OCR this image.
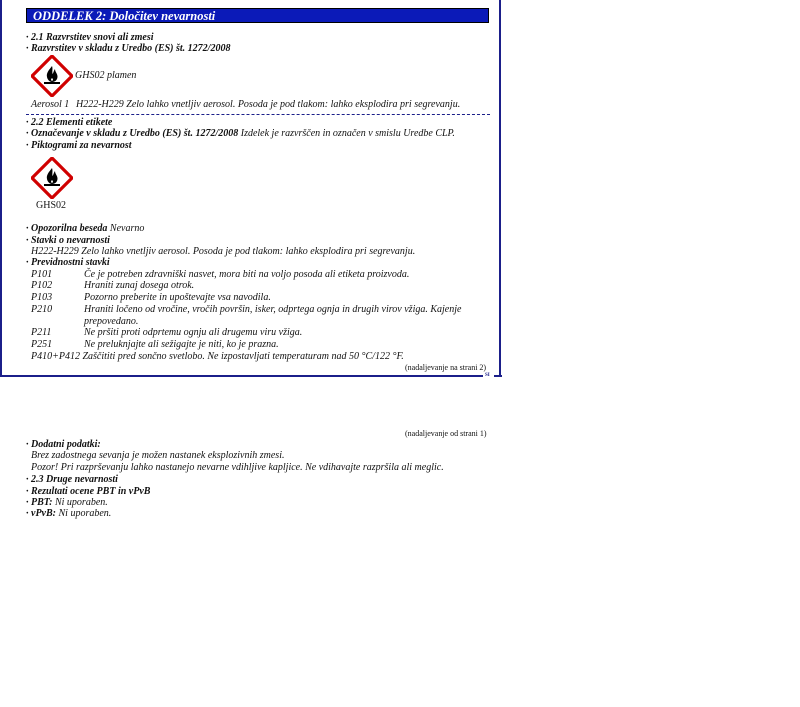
SI
ODDELEK 2: Določitev nevarnosti
· 2.1 Razvrstitev snovi ali zmesi
· Razvrstitev v skladu z Uredbo (ES) št. 1272/2008
GHS02 plamen
Aerosol 1 H222-H229 Zelo lahko vnetljiv aerosol. Posoda je pod tlakom: lahko eksplodira pri segrevanju.
· 2.2 Elementi etikete
· Označevanje v skladu z Uredbo (ES) št. 1272/2008 Izdelek je razvrščen in označen v smislu Uredbe CLP.
· Piktogrami za nevarnost
GHS02
· Opozorilna beseda Nevarno
· Stavki o nevarnosti
H222-H229 Zelo lahko vnetljiv aerosol. Posoda je pod tlakom: lahko eksplodira pri segrevanju.
· Previdnostni stavki
P101	Če je potreben zdravniški nasvet, mora biti na voljo posoda ali etiketa proizvoda.
P102	Hraniti zunaj dosega otrok.
P103	Pozorno preberite in upoštevajte vsa navodila.
P210	Hraniti ločeno od vročine, vročih površin, isker, odprtega ognja in drugih virov vžiga. Kajenje
prepovedano.
P211	Ne pršiti proti odprtemu ognju ali drugemu viru vžiga.
P251	Ne preluknjajte ali sežigajte je niti, ko je prazna.
P410+P412 Zaščititi pred sončno svetlobo. Ne izpostavljati temperaturam nad 50 °C/122 °F.
(nadaljevanje na strani 2)
(nadaljevanje od strani 1)
· Dodatni podatki:
Brez zadostnega sevanja je možen nastanek eksplozivnih zmesi.
Pozor! Pri razprševanju lahko nastanejo nevarne vdihljive kapljice. Ne vdihavajte razpršila ali meglic.
· 2.3 Druge nevarnosti
· Rezultati ocene PBT in vPvB
· PBT: Ni uporaben.
· vPvB: Ni uporaben.
